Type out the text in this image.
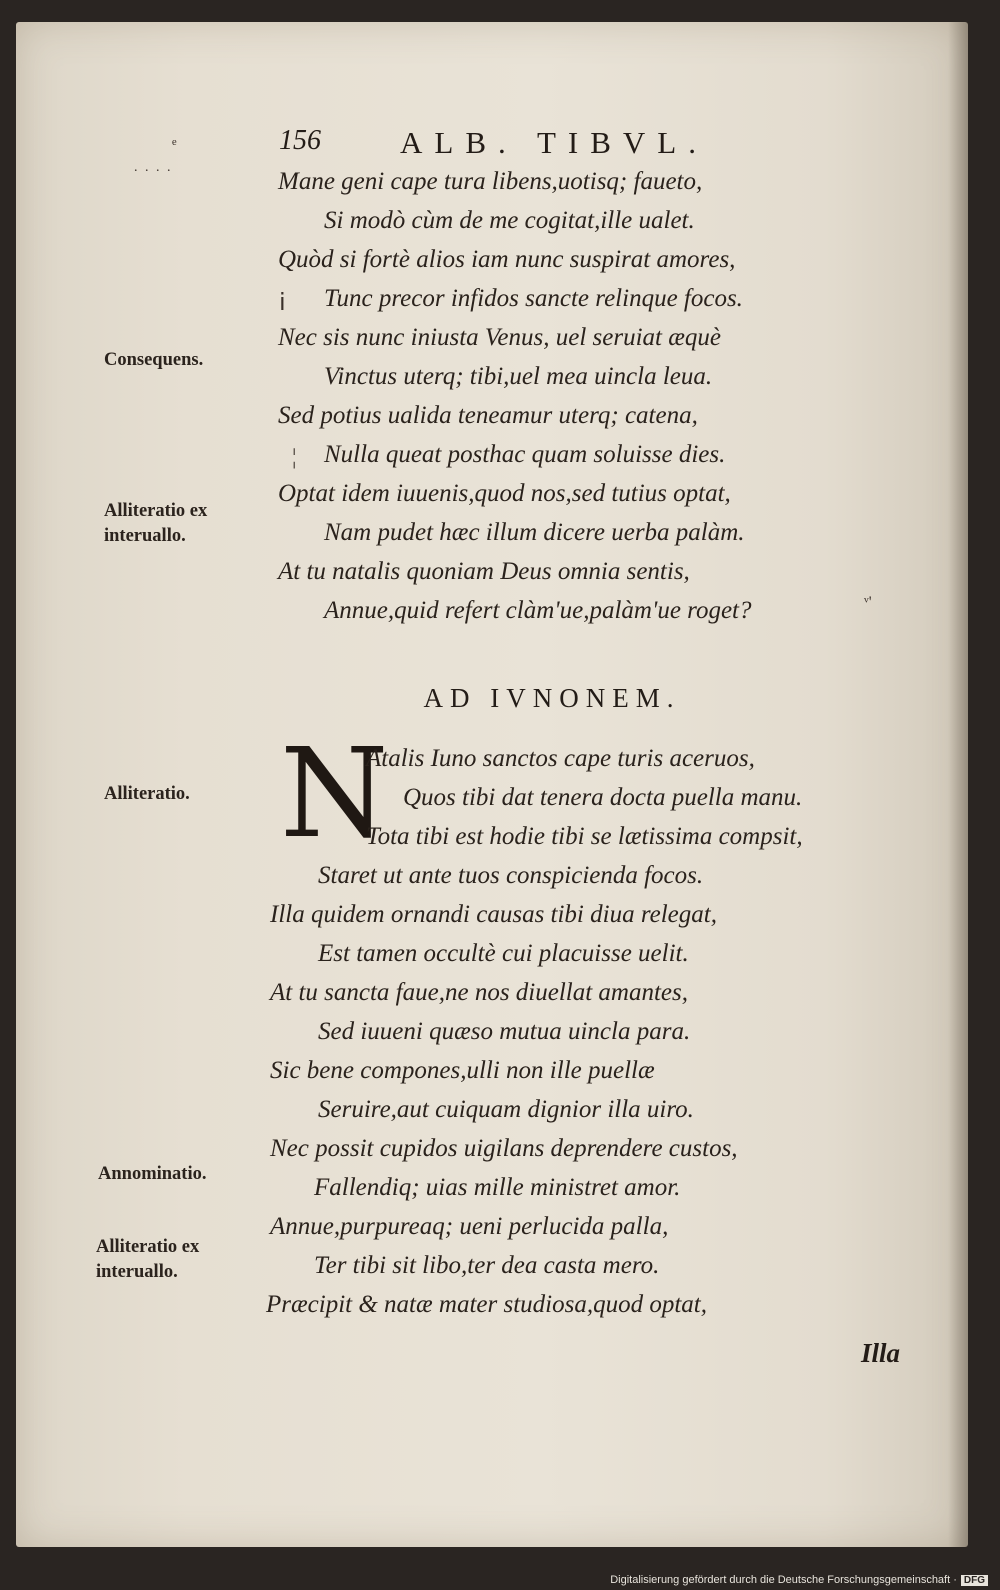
ᵉ
. . . .
ⅰ
¦
ᵛ'
156	ALB. TIBVL.

Mane geni cape tura libens,uotisq; faueto,

Si modò cùm de me cogitat,ille ualet.

Quòd si fortè alios iam nunc suspirat amores,

Tunc precor infidos sancte relinque focos.

Nec sis nunc iniusta Venus, uel seruiat æquè

Vinctus uterq; tibi,uel mea uincla leua.

Sed potius ualida teneamur uterq; catena,

Nulla queat posthac quam soluisse dies.

Optat idem iuuenis,quod nos,sed tutius optat,

Nam pudet hæc illum dicere uerba palàm.

At tu natalis quoniam Deus omnia sentis,

Annue,quid refert clàm'ue,palàm'ue roget?

AD IVNONEM.
N

Atalis Iuno sanctos cape turis aceruos,

Quos tibi dat tenera docta puella manu.

Tota tibi est hodie tibi se lætissima compsit,

Staret ut ante tuos conspicienda focos.

Illa quidem ornandi causas tibi diua relegat,

Est tamen occultè cui placuisse uelit.

At tu sancta faue,ne nos diuellat amantes,

Sed iuueni quæso mutua uincla para.

Sic bene compones,ulli non ille puellæ

Seruire,aut cuiquam dignior illa uiro.

Nec possit cupidos uigilans deprendere custos,

Fallendiq; uias mille ministret amor.

Annue,purpureaq; ueni perlucida palla,

Ter tibi sit libo,ter dea casta mero.

Præcipit & natæ mater studiosa,quod optat,

Consequens.

Alliteratio ex interuallo.

Alliteratio.

Annominatio.

Alliteratio ex interuallo.

Illa
Digitalisierung gefördert durch die Deutsche Forschungsgemeinschaft · DFG
